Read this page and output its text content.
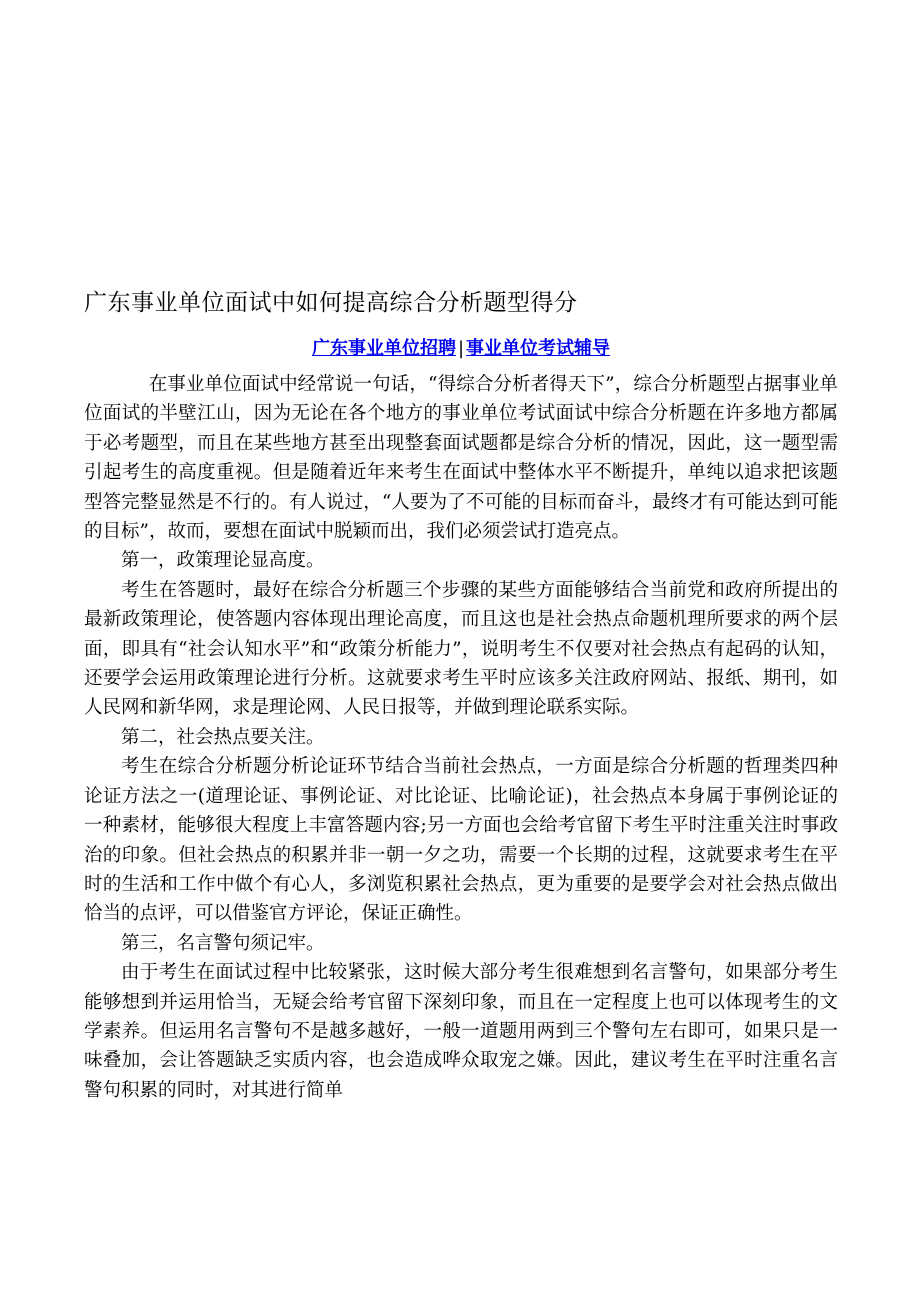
广东事业单位面试中如何提高综合分析题型得分
广东事业单位招聘 | 事业单位考试辅导

在事业单位面试中经常说一句话，“得综合分析者得天下”，综合分析题型占据事业单位面试的半壁江山，因为无论在各个地方的事业单位考试面试中综合分析题在许多地方都属于必考题型，而且在某些地方甚至出现整套面试题都是综合分析的情况，因此，这一题型需引起考生的高度重视。但是随着近年来考生在面试中整体水平不断提升，单纯以追求把该题型答完整显然是不行的。有人说过，“人要为了不可能的目标而奋斗，最终才有可能达到可能的目标”，故而，要想在面试中脱颖而出，我们必须尝试打造亮点。

第一，政策理论显高度。

考生在答题时，最好在综合分析题三个步骤的某些方面能够结合当前党和政府所提出的最新政策理论，使答题内容体现出理论高度，而且这也是社会热点命题机理所要求的两个层面，即具有“社会认知水平”和“政策分析能力”，说明考生不仅要对社会热点有起码的认知，还要学会运用政策理论进行分析。这就要求考生平时应该多关注政府网站、报纸、期刊，如人民网和新华网，求是理论网、人民日报等，并做到理论联系实际。

第二，社会热点要关注。

考生在综合分析题分析论证环节结合当前社会热点，一方面是综合分析题的哲理类四种论证方法之一(道理论证、事例论证、对比论证、比喻论证)，社会热点本身属于事例论证的一种素材，能够很大程度上丰富答题内容;另一方面也会给考官留下考生平时注重关注时事政治的印象。但社会热点的积累并非一朝一夕之功，需要一个长期的过程，这就要求考生在平时的生活和工作中做个有心人，多浏览积累社会热点，更为重要的是要学会对社会热点做出恰当的点评，可以借鉴官方评论，保证正确性。

第三，名言警句须记牢。

由于考生在面试过程中比较紧张，这时候大部分考生很难想到名言警句，如果部分考生能够想到并运用恰当，无疑会给考官留下深刻印象，而且在一定程度上也可以体现考生的文学素养。但运用名言警句不是越多越好，一般一道题用两到三个警句左右即可，如果只是一味叠加，会让答题缺乏实质内容，也会造成哗众取宠之嫌。因此，建议考生在平时注重名言警句积累的同时，对其进行简单
